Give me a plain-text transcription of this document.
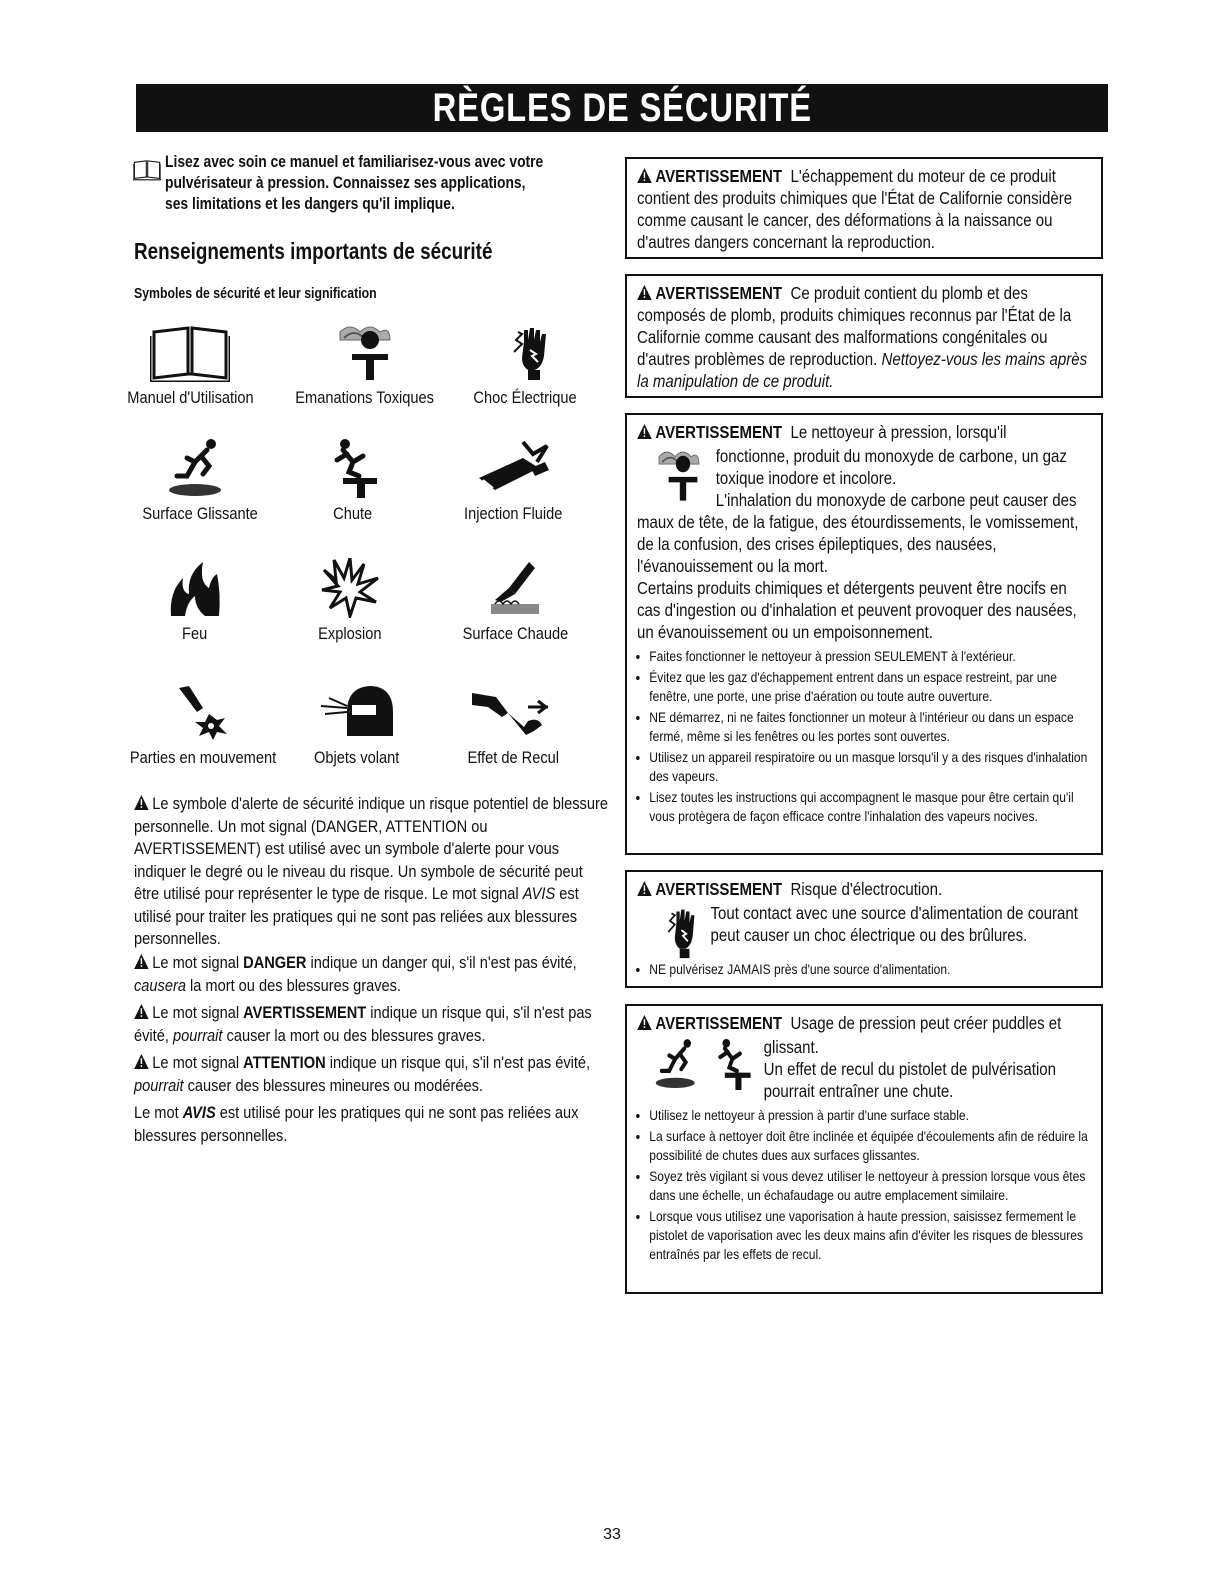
RÈGLES DE SÉCURITÉ
Lisez avec soin ce manuel et familiarisez-vous avec votre
pulvérisateur à pression. Connaissez ses applications,
ses limitations et les dangers qu'il implique.
Renseignements importants de sécurité
Symboles de sécurité et leur signification
Manuel d'Utilisation	Emanations Toxiques	Choc Électrique
Surface Glissante	Chute	Injection Fluide
Feu	Explosion	Surface Chaude
Parties en mouvement	Objets volant	Effet de Recul
Le symbole d'alerte de sécurité indique un risque potentiel de blessure personnelle. Un mot signal (DANGER, ATTENTION ou AVERTISSEMENT) est utilisé avec un symbole d'alerte pour vous indiquer le degré ou le niveau du risque. Un symbole de sécurité peut être utilisé pour représenter le type de risque. Le mot signal AVIS est utilisé pour traiter les pratiques qui ne sont pas reliées aux blessures personnelles.
Le mot signal DANGER indique un danger qui, s'il n'est pas évité, causera la mort ou des blessures graves.
Le mot signal AVERTISSEMENT indique un risque qui, s'il n'est pas évité, pourrait causer la mort ou des blessures graves.
Le mot signal ATTENTION indique un risque qui, s'il n'est pas évité, pourrait causer des blessures mineures ou modérées.
Le mot AVIS est utilisé pour les pratiques qui ne sont pas reliées aux blessures personnelles.
AVERTISSEMENT L'échappement du moteur de ce produit contient des produits chimiques que l'État de Californie considère comme causant le cancer, des déformations à la naissance ou d'autres dangers concernant la reproduction.
AVERTISSEMENT Ce produit contient du plomb et des composés de plomb, produits chimiques reconnus par l'État de la Californie comme causant des malformations congénitales ou d'autres problèmes de reproduction. Nettoyez-vous les mains après la manipulation de ce produit.
AVERTISSEMENT Le nettoyeur à pression, lorsqu'il
fonctionne, produit du monoxyde de carbone, un gaz toxique inodore et incolore.
L'inhalation du monoxyde de carbone peut causer des maux de tête, de la fatigue, des étourdissements, le vomissement, de la confusion, des crises épileptiques, des nausées, l'évanouissement ou la mort.
Certains produits chimiques et détergents peuvent être nocifs en cas d'ingestion ou d'inhalation et peuvent provoquer des nausées, un évanouissement ou un empoisonnement.
• Faites fonctionner le nettoyeur à pression SEULEMENT à l'extérieur.
• Évitez que les gaz d'échappement entrent dans un espace restreint, par une fenêtre, une porte, une prise d'aération ou toute autre ouverture.
• NE démarrez, ni ne faites fonctionner un moteur à l'intérieur ou dans un espace fermé, même si les fenêtres ou les portes sont ouvertes.
• Utilisez un appareil respiratoire ou un masque lorsqu'il y a des risques d'inhalation des vapeurs.
• Lisez toutes les instructions qui accompagnent le masque pour être certain qu'il vous protègera de façon efficace contre l'inhalation des vapeurs nocives.
AVERTISSEMENT Risque d'électrocution.
Tout contact avec une source d'alimentation de courant peut causer un choc électrique ou des brûlures.
• NE pulvérisez JAMAIS près d'une source d'alimentation.
AVERTISSEMENT Usage de pression peut créer puddles et

glissant.
Un effet de recul du pistolet de pulvérisation pourrait entraîner une chute.
• Utilisez le nettoyeur à pression à partir d'une surface stable.
• La surface à nettoyer doit être inclinée et équipée d'écoulements afin de réduire la possibilité de chutes dues aux surfaces glissantes.
• Soyez très vigilant si vous devez utiliser le nettoyeur à pression lorsque vous êtes dans une échelle, un échafaudage ou autre emplacement similaire.
• Lorsque vous utilisez une vaporisation à haute pression, saisissez fermement le pistolet de vaporisation avec les deux mains afin d'éviter les risques de blessures entraînés par les effets de recul.
33
